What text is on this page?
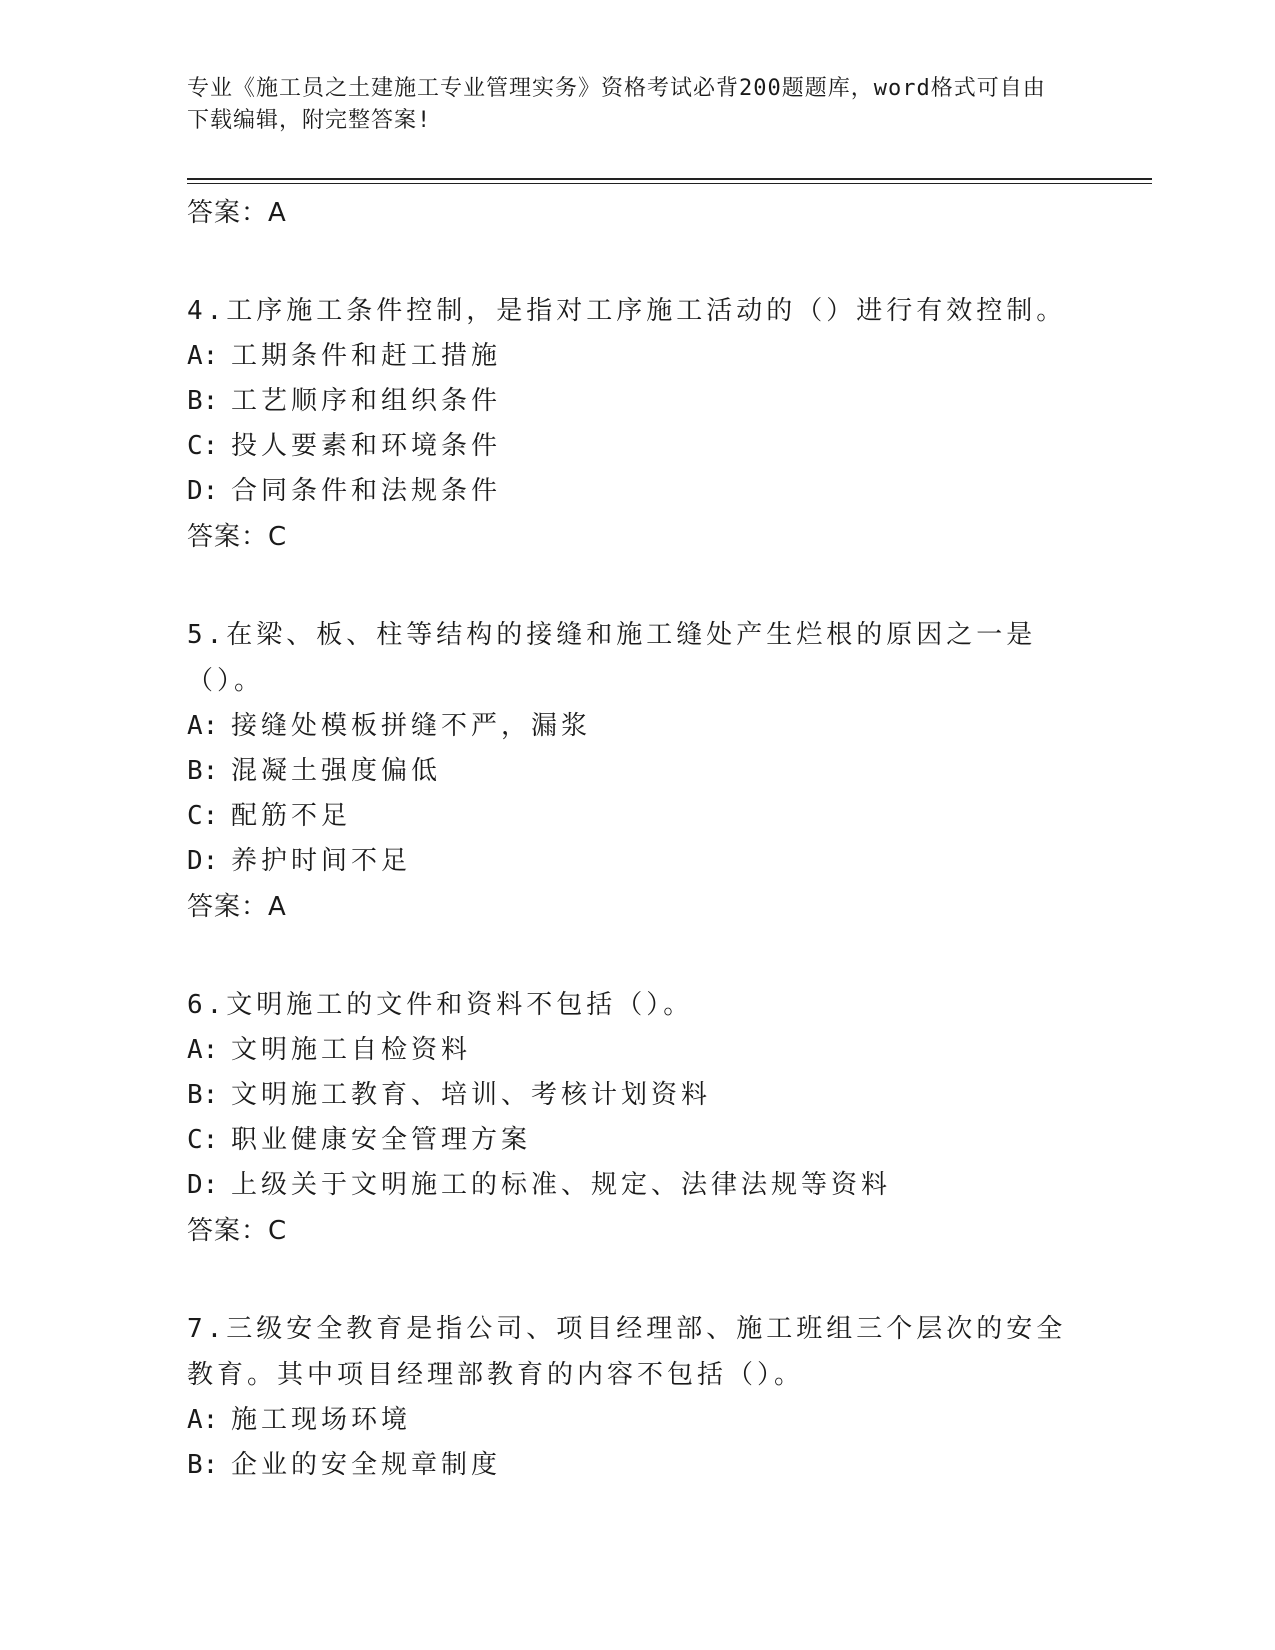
专业《施工员之土建施工专业管理实务》资格考试必背200题题库，word格式可自由下载编辑，附完整答案!
答案：A
4.工序施工条件控制，是指对工序施工活动的（）进行有效控制。
A: 工期条件和赶工措施
B: 工艺顺序和组织条件
C: 投人要素和环境条件
D: 合同条件和法规条件
答案：C
5.在梁、板、柱等结构的接缝和施工缝处产生烂根的原因之一是（）。
A: 接缝处模板拼缝不严，漏浆
B: 混凝土强度偏低
C: 配筋不足
D: 养护时间不足
答案：A
6.文明施工的文件和资料不包括（）。
A: 文明施工自检资料
B: 文明施工教育、培训、考核计划资料
C: 职业健康安全管理方案
D: 上级关于文明施工的标准、规定、法律法规等资料
答案：C
7.三级安全教育是指公司、项目经理部、施工班组三个层次的安全教育。其中项目经理部教育的内容不包括（）。
A: 施工现场环境
B: 企业的安全规章制度
